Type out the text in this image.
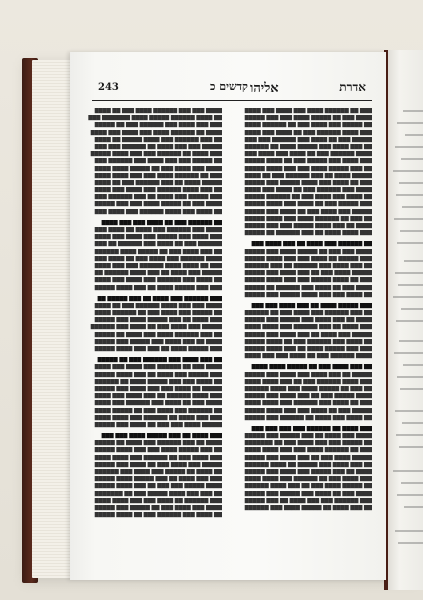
243	אליהו
קדשים כ	אדרת
████ ███ ███ ██████ ████ ███ ██ ████
██ ████ ██████ █████ ████ ███████ ███
███ ███ ████ ███ ██████ ███ ██ █████
████ ██ ██████ ████ ███ ████ ███ ████
██ ███ ██████ ███ ████ █████ ██ ████
█████ ███ ███ ████ ██ ██████ ███ ███
███ ████ ██ ██████ ███ ███ ████ █████
██ █████ ███ ███ ████ ███ ██████ ███
████ ███ ████ ███ ██ █████ ████ ████
███ ██ ██████ ████ ███ ███ ████ ████
█████ ████ ██ ███ ██████ ███ ██ ████
██ ███ ████ ██████ ███ ████ ███ ████
███ █████ ███ ████ ██ ███ ██████ ███
████ ███ ██ █████ ████ ███ ███ █████
██ ████ ███ ████ ██████ ███ ████ ███
██ ██████ ███ ██ ████ ███ ███ ████
████ ███ ██████ ███ ████ ██ ████ ███
███ ████ ███ █████ ███ ████ ███ ████
██████ ███ ██ ████ ███ ██████ ██ ███
██ ███ ████ ███ ██ █████ ████ ██████
████ ██████ ███ ████ ███ ██ ████ ███
███ ██ ████ ████ ██████ ███ ███ ████
█████ ███ ████ ██ ███ ████ ██████ ██
██ ████ ███ ██████ ███ ████ ███ ████
███ ███ █████ ████ ██ ███ ████ █████
███ ██████ ███ ████ ██ ███ █████ ██
████ ███ ███ ████ ██████ ███ ██ ████
██ █████ ███ ████ ███ ██ ██████ ████
███ ████ ██ ███ █████ ████ ███ █████
█████ ███ ████ ███ ██ ████ ███ ██████
██ ███ ██████ ████ ███ ████ ██ █████
████ ██ ███ ████ ███ █████ ███ █████
███ █████ ████ ██ ███ ███ ████ █████
██ ███ ████ ███ ██████ ███ ██ █████
████ ███ ██ ██████ ███ ████ ███ ████
███ █████ ███ ████ ██ ███ ████ █████
██ ████ ███ ███ █████ ████ ██ ██████
█████ ██ ████ ███ ███ ████ ███ █████
███ ████ ██████ ██ ███ ████ ███ ████
████ ███ ██ ████ ███ ██████ ███ ████
██ ██████ ███ ████ ███ ██ █████ ████
███ ███ ████ ██ ██████ ███ ████ ████
█████ ████ ███ ███ ██ ████ ███ █████
███ ████ ██ ███ █████ ████ ███ ███
████ ██ ███ ██████ ███ ████ ██ █████
██ ███ █████ ████ ███ ███ ████ █████
███ ████ ███ ██ ██████ ███ ████ ████
█████ ███ ████ ███ ██ ████ ███ █████
██ ████ ██ █████ ███ ████ ███ ██████
███ ███ ████ ██ ███ █████ ████ █████
████ █████ ███ ███ ██ ███ ████ █████
██ ███ ███ ████ █████ ███ ██ ███████
███ ██████ ██ ████ ███ ███ ████ ████
████ ███ ████ ███ ██ █████ ███ █████
██ ████ ███ ██████ ███ ██ ████ █████
███ ██ ██████ ████ ███ ████ ███ ████
████ ███ ██ █████ ████ ███ ███ █████
██ █████ ███ ████ ███ ██ ██████ ████
███ ████ ██████ ███ ██ ████ ███ ████
█████ ███ ██ ████ ███ ██████ ███ ███
██ ███ ████ ███ █████ ████ ██ ██████
████ ██████ ███ ██ ████ ███ ████ ███
███ ████ ███ █████ ███ ██ ████ █████
██ ███ █████ ████ ███ ███ ████ █████
█████ ████ ██ ███ ██████ ███ ██ ████
███ ██ ████ ███ ████ █████ ███ █████
████ ███ ██████ ███ ██ ████ ███ ████
██ ████ ███ ████ ███ ██ ██████ █████
███ █████ ███ ██ ████ ███ ████ █████
█████ ███ ████ ███ ██ ████ ███ █████
██ ███ ██ ██████ ████ ███ ████ █████
████ ██ ███ ████ █████ ███ ███ █████
███ ████ ████ ██ ███ ██████ ██ █████
██ ██████ ███ ████ ██ ███ ████ ███
████ ███ ███ ██ █████ ████ ███ █████
███ █████ ██ ████ ███ ███ ████ █████
██ ███ ████ ███ ██████ ██ ███ ██████
█████ ████ ███ ██ ███ ████ ███ █████
███ ██ ████ █████ ███ ███ ████ █████
████ ███ ██ ████ ███ ██████ ██ █████
██ ████ ███ ███ ████ █████ ███ █████
███ █████ ████ ██ ███ ████ ███ ███
██ ███ ██████ ███ ████ ███ ██ ██████
████ ██ ███ ████ ███ █████ ███ █████
███ ████ ██ ███ ██████ ███ ████ ████
█████ ███ ████ ██ ███ ████ ███ █████
██ ████ ███ ██████ ███ ██ ████ █████
███ ███ █████ ████ ██ ███ ████ █████
████ ██████ ███ ██ ████ ███ ███ ████
██ ███ ████ ███ ██ █████ ████ ████
█████ ██ ███ ████ ███ ████ ███ █████
███ ████ ██████ ███ ██ ███ ████ ████
██ ███ ██ █████ ████ ███ ████ ██████
████ █████ ███ ██ ███ ████ ███ █████
███ ██ ████ ███ ██████ ███ ████ ████
█████ ███ ██ ████ ███ ███ ████ █████
██ ████ ███ ████ ██ ██████ ███ █████
███ ████ ██ ██████ ███ ███ ███ ███
████ ███ ████ ██ ███ █████ ███ █████
██ █████ ███ ███ ████ ███ ██ ███████
███ ██ ██████ ████ ███ ███ ████ ████
█████ ████ ███ ██ ███ ████ ███ █████
██ ███ ████ ███ █████ ██ ████ ██████
████ ██ ███ █████ ███ ████ ███ █████
███ ████ ███ ██ ██████ ███ ████ ████
██ █████ ████ ███ ██ ███ ████ ██████
████ ███ ██ ████ ███ █████ ███ █████
███ ██████ ███ ███ ████ ██ ███ █████
██ ███ ████ ██ █████ ████ ███ ██████
